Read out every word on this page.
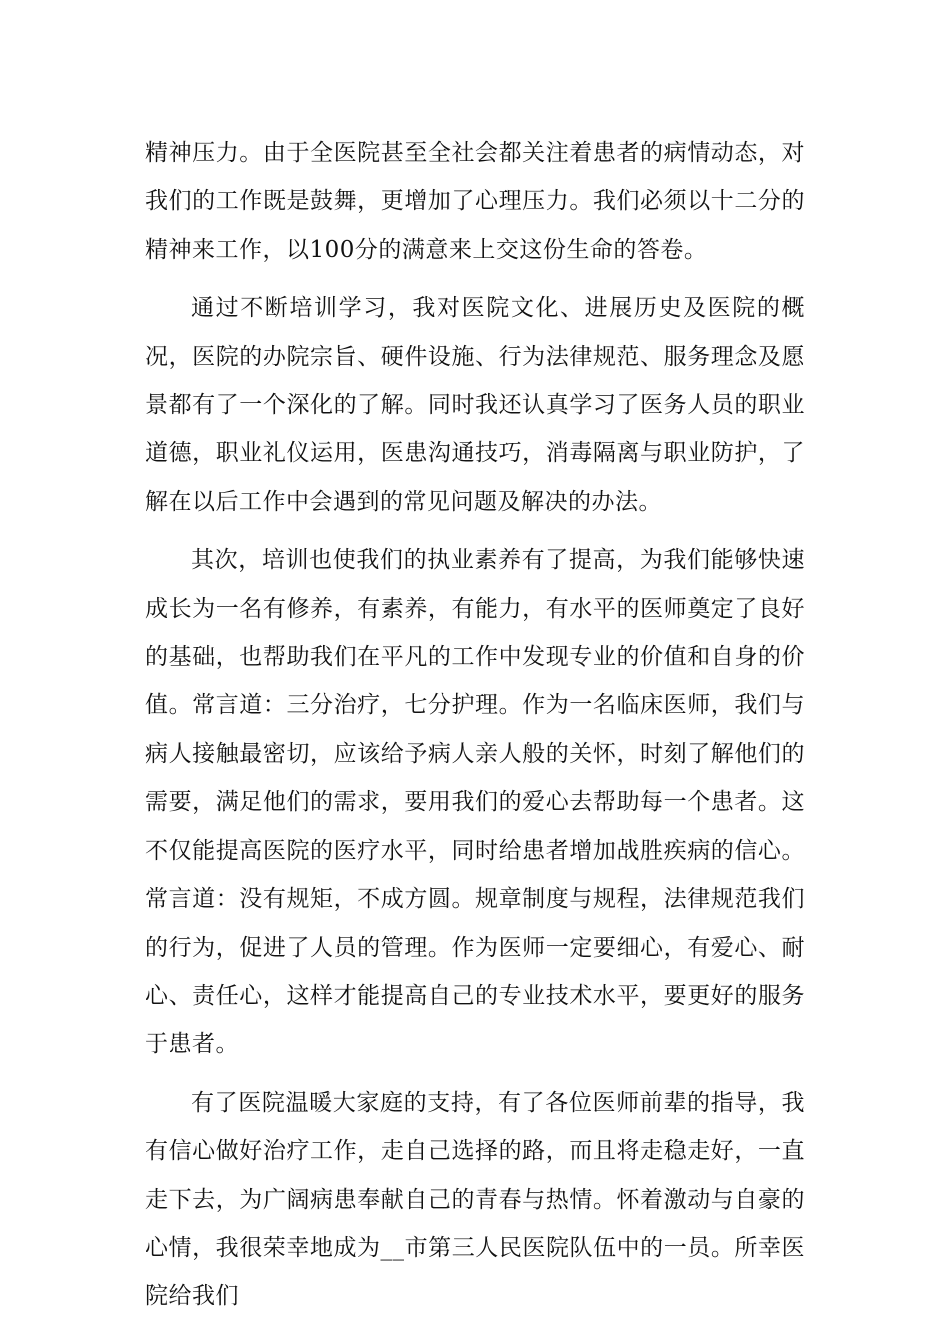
精神压力。由于全医院甚至全社会都关注着患者的病情动态，对我们的工作既是鼓舞，更增加了心理压力。我们必须以十二分的精神来工作，以100分的满意来上交这份生命的答卷。

通过不断培训学习，我对医院文化、进展历史及医院的概况，医院的办院宗旨、硬件设施、行为法律规范、服务理念及愿景都有了一个深化的了解。同时我还认真学习了医务人员的职业道德，职业礼仪运用，医患沟通技巧，消毒隔离与职业防护，了解在以后工作中会遇到的常见问题及解决的办法。

其次，培训也使我们的执业素养有了提高，为我们能够快速成长为一名有修养，有素养，有能力，有水平的医师奠定了良好的基础，也帮助我们在平凡的工作中发现专业的价值和自身的价值。常言道：三分治疗，七分护理。作为一名临床医师，我们与病人接触最密切，应该给予病人亲人般的关怀，时刻了解他们的需要，满足他们的需求，要用我们的爱心去帮助每一个患者。这不仅能提高医院的医疗水平，同时给患者增加战胜疾病的信心。常言道：没有规矩，不成方圆。规章制度与规程，法律规范我们的行为，促进了人员的管理。作为医师一定要细心，有爱心、耐心、责任心，这样才能提高自己的专业技术水平，要更好的服务于患者。

有了医院温暖大家庭的支持，有了各位医师前辈的指导，我有信心做好治疗工作，走自己选择的路，而且将走稳走好，一直走下去，为广阔病患奉献自己的青春与热情。怀着激动与自豪的心情，我很荣幸地成为__市第三人民医院队伍中的一员。所幸医院给我们
